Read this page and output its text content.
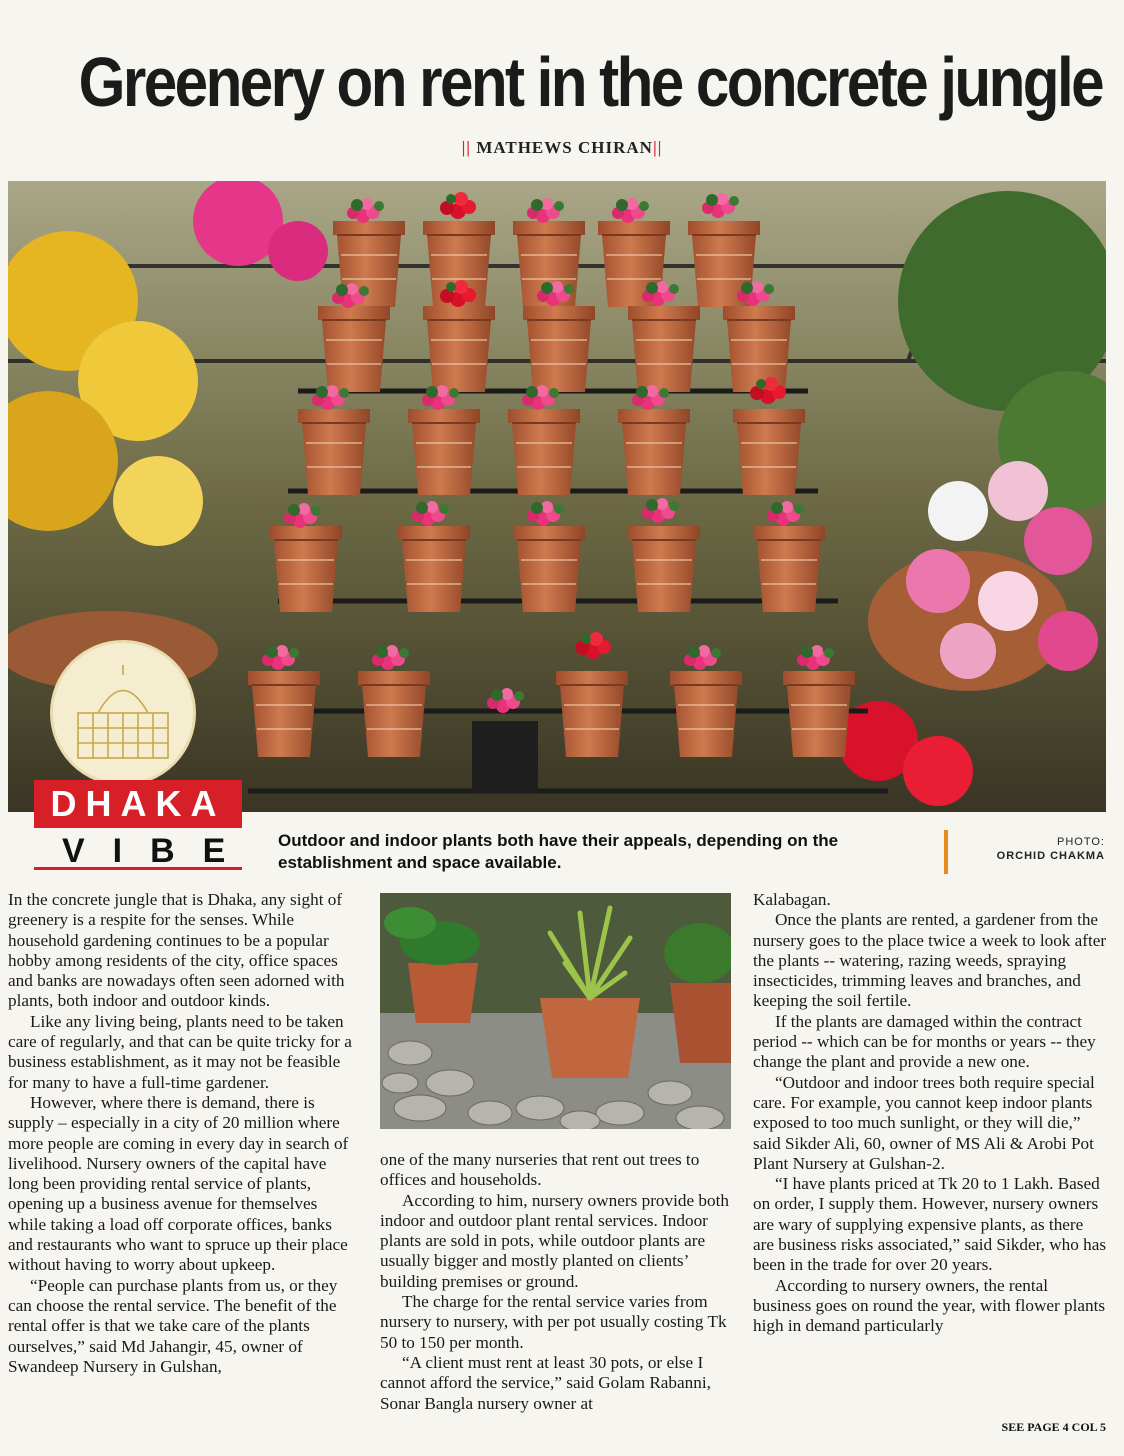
Greenery on rent in the concrete jungle
|| MATHEWS CHIRAN||
DHAKA
VIBE Outdoor and indoor plants both have their appeals, depending on the establishment and space available.
PHOTO:
ORCHID CHAKMA

In the concrete jungle that is Dhaka, any sight of greenery is a respite for the senses. While household gardening continues to be a popular hobby among residents of the city, office spaces and banks are nowadays often seen adorned with plants, both indoor and outdoor kinds.

Like any living being, plants need to be taken care of regularly, and that can be quite tricky for a business establishment, as it may not be feasible for many to have a full-time gardener.

However, where there is demand, there is supply – especially in a city of 20 million where more people are coming in every day in search of livelihood. Nursery owners of the capital have long been providing rental service of plants, opening up a business avenue for themselves while taking a load off corporate offices, banks and restaurants who want to spruce up their place without having to worry about upkeep.

“People can purchase plants from us, or they can choose the rental service. The benefit of the rental offer is that we take care of the plants ourselves,” said Md Jahangir, 45, owner of Swandeep Nursery in Gulshan,

one of the many nurseries that rent out trees to offices and households.

According to him, nursery owners provide both indoor and outdoor plant rental services. Indoor plants are sold in pots, while outdoor plants are usually bigger and mostly planted on clients’ building premises or ground.

The charge for the rental service varies from nursery to nursery, with per pot usually costing Tk 50 to 150 per month.

“A client must rent at least 30 pots, or else I cannot afford the service,” said Golam Rabanni, Sonar Bangla nursery owner at

Kalabagan.

Once the plants are rented, a gardener from the nursery goes to the place twice a week to look after the plants -- watering, razing weeds, spraying insecticides, trimming leaves and branches, and keeping the soil fertile.

If the plants are damaged within the contract period -- which can be for months or years -- they change the plant and provide a new one.

“Outdoor and indoor trees both require special care. For example, you cannot keep indoor plants exposed to too much sunlight, or they will die,” said Sikder Ali, 60, owner of MS Ali & Arobi Pot Plant Nursery at Gulshan-2.

“I have plants priced at Tk 20 to 1 Lakh. Based on order, I supply them. However, nursery owners are wary of supplying expensive plants, as there are business risks associated,” said Sikder, who has been in the trade for over 20 years.

According to nursery owners, the rental business goes on round the year, with flower plants high in demand particularly

SEE PAGE 4 COL 5
